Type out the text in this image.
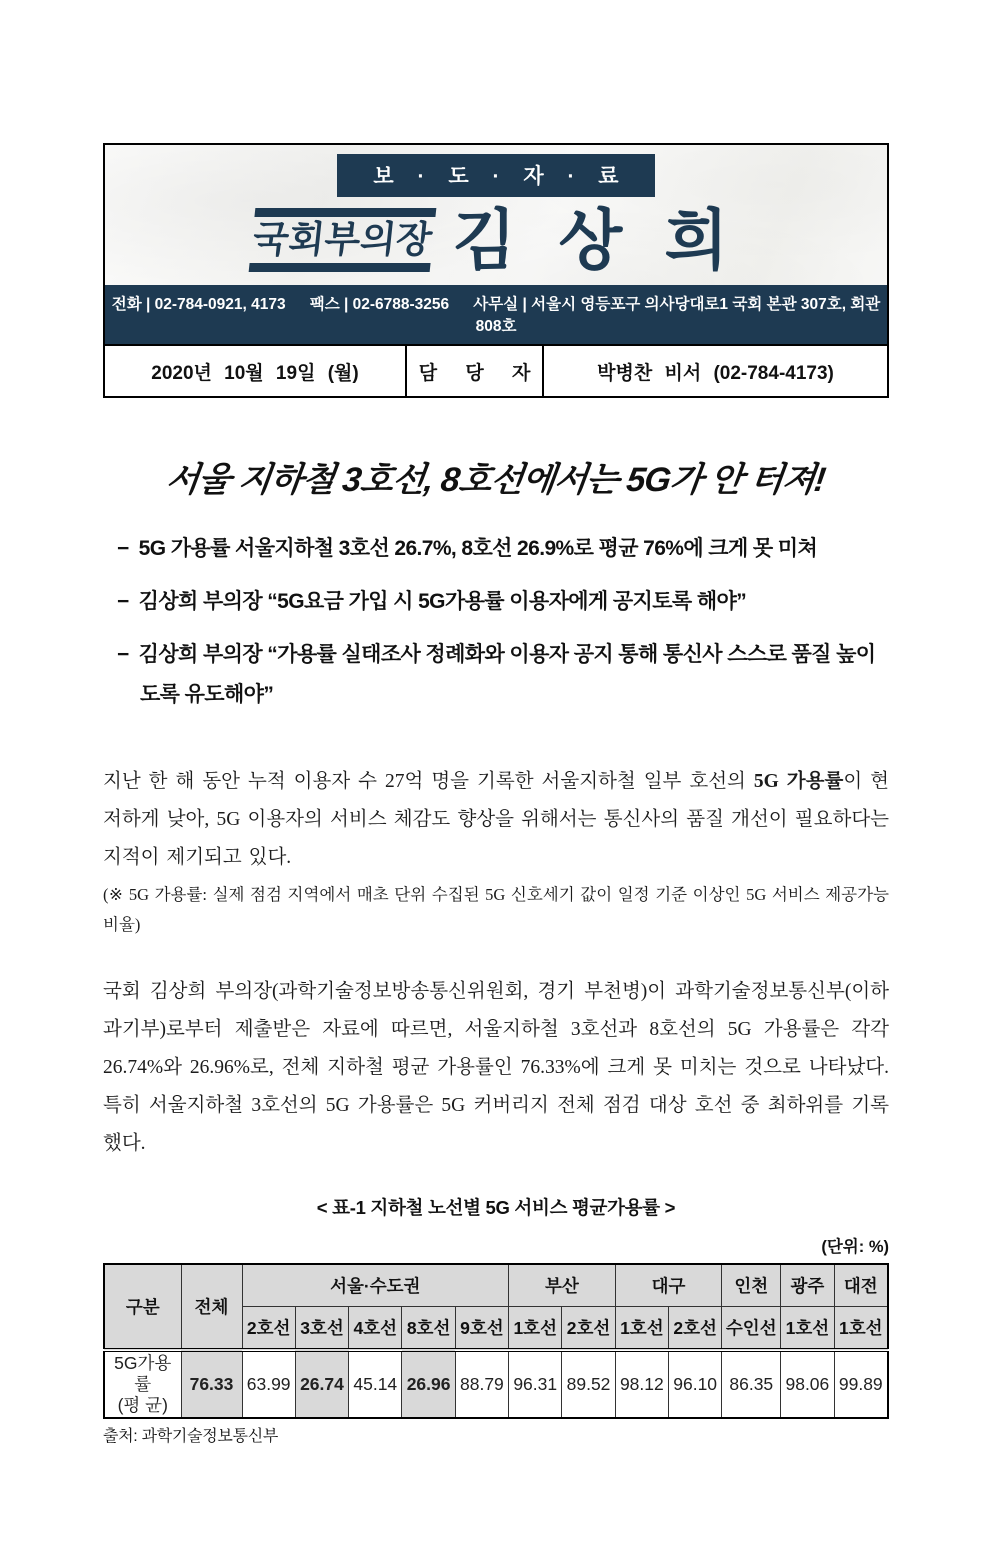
보 · 도 · 자 · 료
국회부의장 김 상 희
전화 | 02-784-0921, 4173   팩스 | 02-6788-3256   사무실 | 서울시 영등포구 의사당대로1 국회 본관 307호, 회관 808호
2020년 10월 19일 (월)	담 당 자	박병찬 비서 (02-784-4173)
서울 지하철 3호선, 8호선에서는 5G가 안 터져!
− 5G 가용률 서울지하철 3호선 26.7%, 8호선 26.9%로 평균 76%에 크게 못 미쳐
− 김상희 부의장 “5G요금 가입 시 5G가용률 이용자에게 공지토록 해야”
− 김상희 부의장 “가용률 실태조사 정례화와 이용자 공지 통해 통신사 스스로 품질 높이도록 유도해야”
지난 한 해 동안 누적 이용자 수 27억 명을 기록한 서울지하철 일부 호선의 5G 가용률이 현저하게 낮아, 5G 이용자의 서비스 체감도 향상을 위해서는 통신사의 품질 개선이 필요하다는 지적이 제기되고 있다.
(※ 5G 가용률: 실제 점검 지역에서 매초 단위 수집된 5G 신호세기 값이 일정 기준 이상인 5G 서비스 제공가능 비율)
국회 김상희 부의장(과학기술정보방송통신위원회, 경기 부천병)이 과학기술정보통신부(이하 과기부)로부터 제출받은 자료에 따르면, 서울지하철 3호선과 8호선의 5G 가용률은 각각 26.74%와 26.96%로, 전체 지하철 평균 가용률인 76.33%에 크게 못 미치는 것으로 나타났다. 특히 서울지하철 3호선의 5G 가용률은 5G 커버리지 전체 점검 대상 호선 중 최하위를 기록했다.
< 표-1 지하철 노선별 5G 서비스 평균가용률 >
(단위: %)
구분	전체	서울·수도권					부산		대구		인천	광주	대전
		2호선	3호선	4호선	8호선	9호선	1호선	2호선	1호선	2호선	수인선	1호선	1호선

5G가용률
(평 균)	76.33	63.99	26.74	45.14	26.96	88.79	96.31	89.52	98.12	96.10	86.35	98.06	99.89
출처: 과학기술정보통신부
